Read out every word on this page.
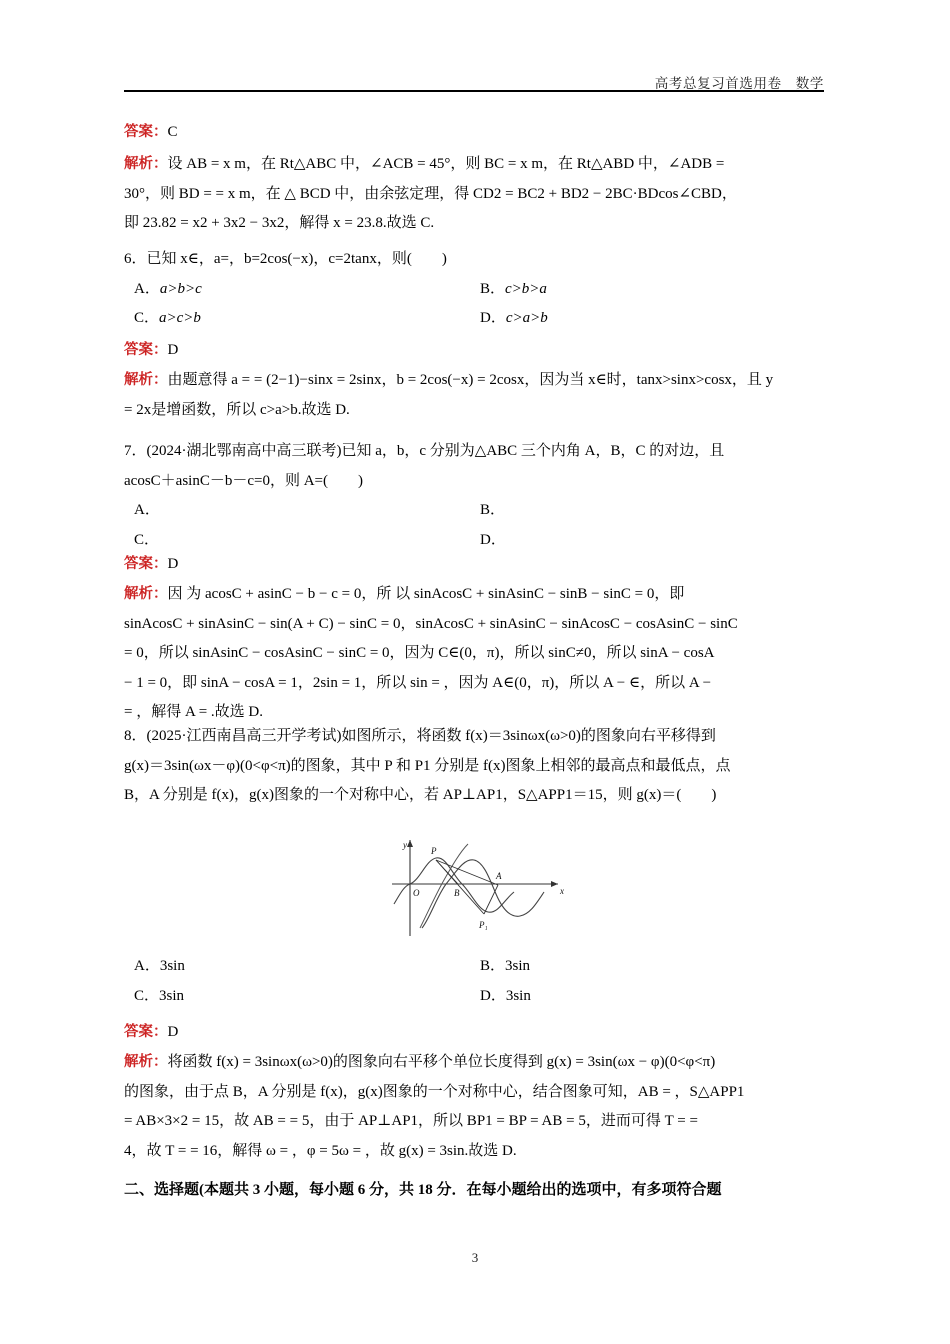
高考总复习首选用卷　数学
答案：C
解析：设 AB = x m，在 Rt△ABC 中，∠ACB = 45°，则 BC = x m，在 Rt△ABD 中，∠ADB =
30°，则 BD = = x m，在 △ BCD 中，由余弦定理，得 CD2 = BC2 + BD2 − 2BC·BDcos∠CBD，
即 23.82 = x2 + 3x2 − 3x2，解得 x = 23.8.故选 C.
6．已知 x∈，a=，b=2cos(−x)，c=2tanx，则(　　)
A．a>b>c	B．c>b>a
C．a>c>b	D．c>a>b
答案：D
解析：由题意得 a = = (2−1)−sinx = 2sinx，b = 2cos(−x) = 2cosx，因为当 x∈时，tanx>sinx>cosx，且 y
= 2x是增函数，所以 c>a>b.故选 D.
7．(2024·湖北鄂南高中高三联考)已知 a，b，c 分别为△ABC 三个内角 A，B，C 的对边，且
acosC＋asinC－b－c=0，则 A=(　　)
A．	B．
C．	D．
答案：D
解析：因 为 acosC + asinC − b − c = 0，所 以 sinAcosC + sinAsinC − sinB − sinC = 0，即
sinAcosC + sinAsinC − sin(A + C) − sinC = 0，sinAcosC + sinAsinC − sinAcosC − cosAsinC − sinC
= 0，所以 sinAsinC − cosAsinC − sinC = 0，因为 C∈(0，π)，所以 sinC≠0，所以 sinA − cosA
− 1 = 0，即 sinA − cosA = 1，2sin = 1，所以 sin = ，因为 A∈(0，π)，所以 A − ∈，所以 A −
= ，解得 A = .故选 D.
8．(2025·江西南昌高三开学考试)如图所示，将函数 f(x)＝3sinωx(ω>0)的图象向右平移得到
g(x)＝3sin(ωx－φ)(0<φ<π)的图象，其中 P 和 P1 分别是 f(x)图象上相邻的最高点和最低点，点
B，A 分别是 f(x)，g(x)图象的一个对称中心，若 AP⊥AP1，S△APP1＝15，则 g(x)＝(　　)
O
P
P₁
A
B
y
x
A．3sin	B．3sin
C．3sin	D．3sin
答案：D
解析：将函数 f(x) = 3sinωx(ω>0)的图象向右平移个单位长度得到 g(x) = 3sin(ωx − φ)(0<φ<π)
的图象，由于点 B，A 分别是 f(x)，g(x)图象的一个对称中心，结合图象可知，AB = ，S△APP1
= AB×3×2 = 15，故 AB = = 5，由于 AP⊥AP1，所以 BP1 = BP = AB = 5，进而可得 T = =
4，故 T = = 16，解得 ω = ，φ = 5ω = ，故 g(x) = 3sin.故选 D.
二、选择题(本题共 3 小题，每小题 6 分，共 18 分．在每小题给出的选项中，有多项符合题
3
